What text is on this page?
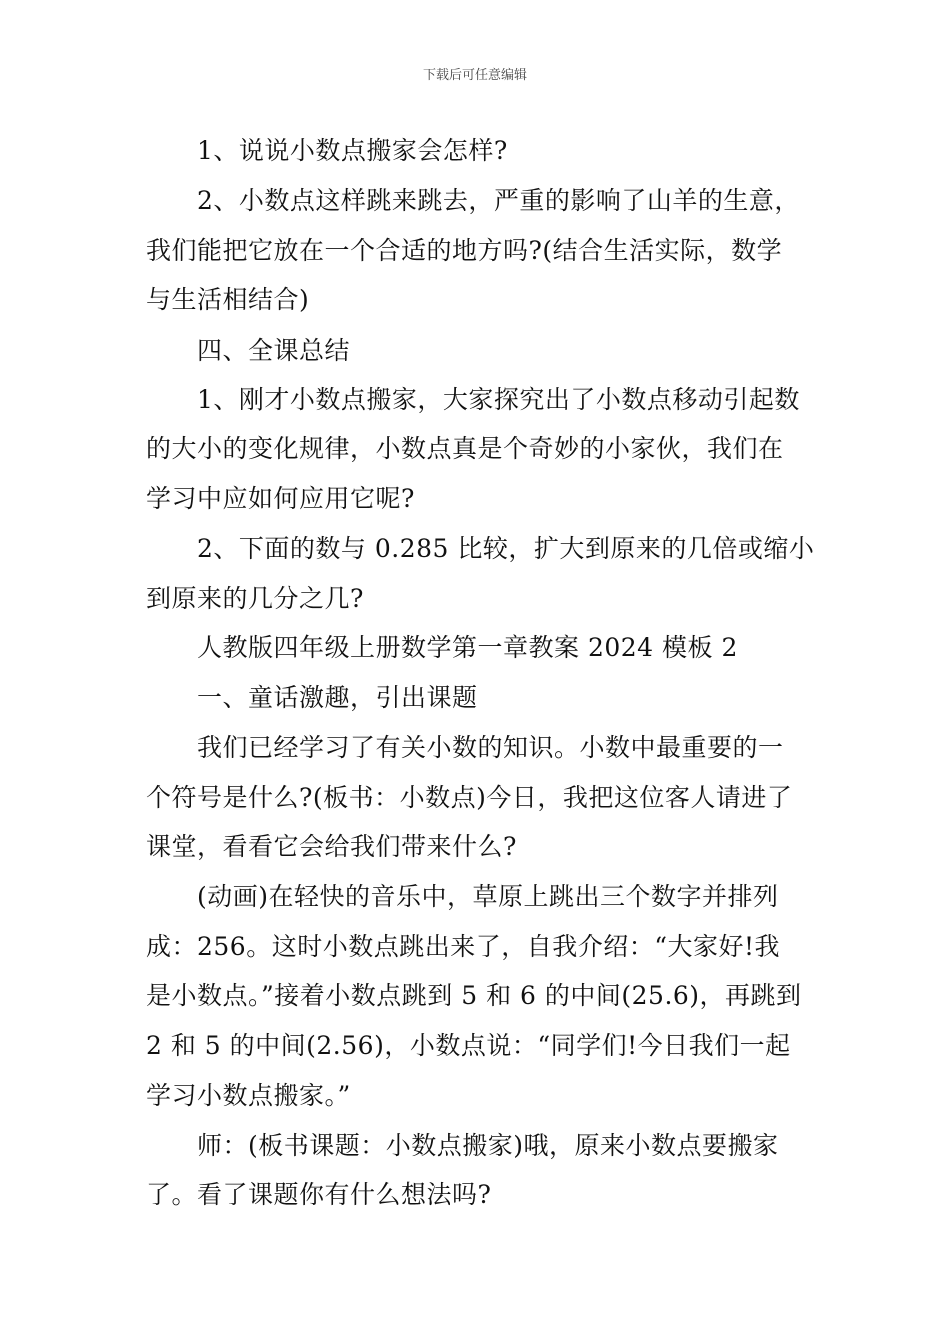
下载后可任意编辑
1、说说小数点搬家会怎样?
2、小数点这样跳来跳去，严重的影响了山羊的生意，
我们能把它放在一个合适的地方吗?(结合生活实际，数学
与生活相结合)
四、全课总结
1、刚才小数点搬家，大家探究出了小数点移动引起数
的大小的变化规律，小数点真是个奇妙的小家伙，我们在
学习中应如何应用它呢?
2、下面的数与 0.285 比较，扩大到原来的几倍或缩小
到原来的几分之几?
人教版四年级上册数学第一章教案 2024 模板 2
一、童话激趣，引出课题
我们已经学习了有关小数的知识。小数中最重要的一
个符号是什么?(板书：小数点)今日，我把这位客人请进了
课堂，看看它会给我们带来什么?
(动画)在轻快的音乐中，草原上跳出三个数字并排列
成：256。这时小数点跳出来了，自我介绍：“大家好!我
是小数点。”接着小数点跳到 5 和 6 的中间(25.6)，再跳到
2 和 5 的中间(2.56)，小数点说：“同学们!今日我们一起
学习小数点搬家。”
师：(板书课题：小数点搬家)哦，原来小数点要搬家
了。看了课题你有什么想法吗?
